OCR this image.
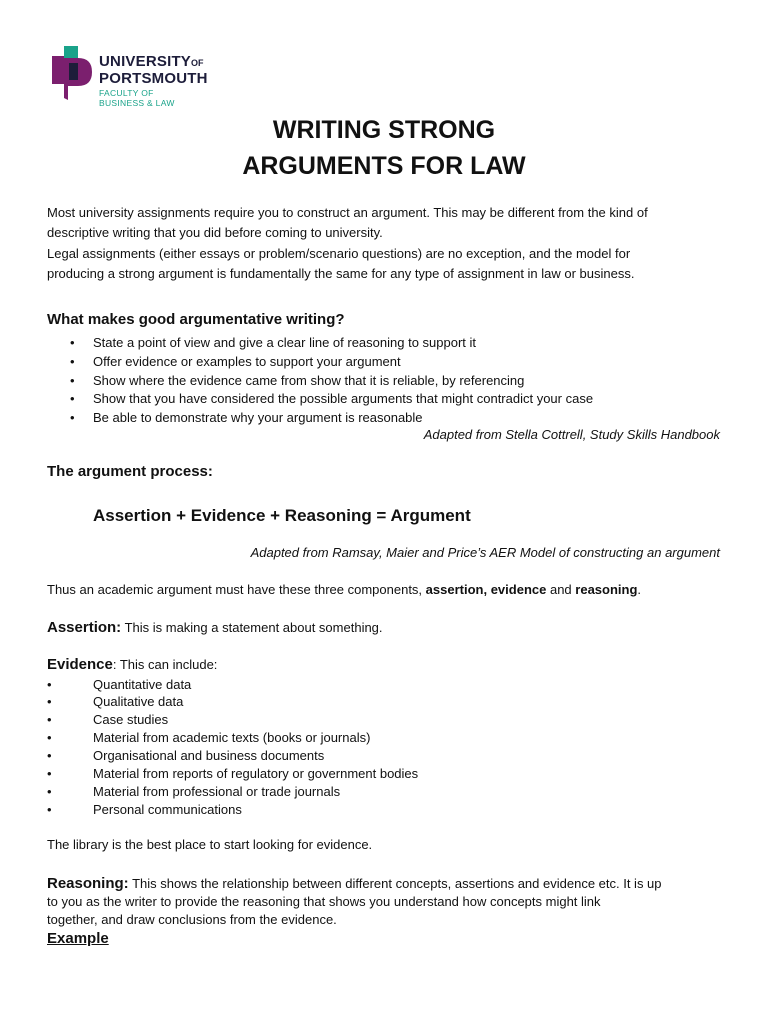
UNIVERSITYOF
PORTSMOUTH
FACULTY OF
BUSINESS & LAW
WRITING STRONG
ARGUMENTS FOR LAW
Most university assignments require you to construct an argument. This may be different from the kind of
descriptive writing that you did before coming to university.
Legal assignments (either essays or problem/scenario questions) are no exception, and the model for
producing a strong argument is fundamentally the same for any type of assignment in law or business.
What makes good argumentative writing?
• State a point of view and give a clear line of reasoning to support it
• Offer evidence or examples to support your argument
• Show where the evidence came from show that it is reliable, by referencing
• Show that you have considered the possible arguments that might contradict your case
• Be able to demonstrate why your argument is reasonable
Adapted from Stella Cottrell, Study Skills Handbook
The argument process:
Assertion + Evidence + Reasoning = Argument
Adapted from Ramsay, Maier and Price’s AER Model of constructing an argument
Thus an academic argument must have these three components, assertion, evidence and reasoning.
Assertion: This is making a statement about something.
Evidence: This can include:
•	Quantitative data
•	Qualitative data
•	Case studies
•	Material from academic texts (books or journals)
•	Organisational and business documents
•	Material from reports of regulatory or government bodies
•	Material from professional or trade journals
•	Personal communications
The library is the best place to start looking for evidence.
Reasoning: This shows the relationship between different concepts, assertions and evidence etc. It is up
to you as the writer to provide the reasoning that shows you understand how concepts might link
together, and draw conclusions from the evidence.
Example
